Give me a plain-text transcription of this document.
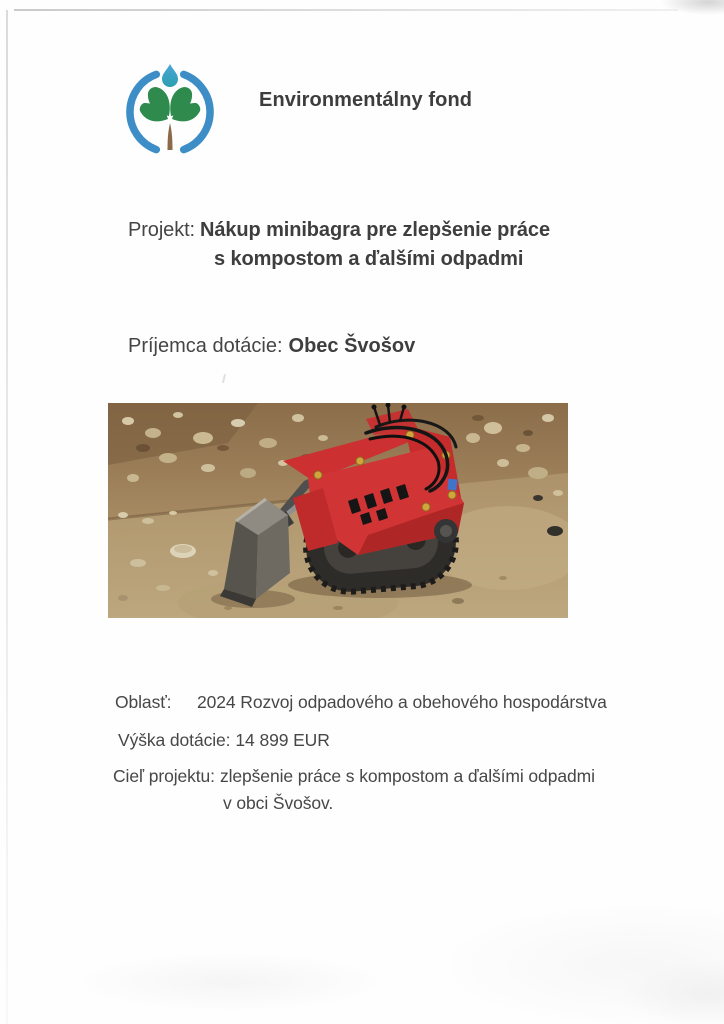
Environmentálny fond
Projekt: Nákup minibagra pre zlepšenie práce
s kompostom a ďalšími odpadmi
Príjemca dotácie: Obec Švošov
Oblasť: 2024 Rozvoj odpadového a obehového hospodárstva
Výška dotácie: 14 899 EUR
Cieľ projektu: zlepšenie práce s kompostom a ďalšími odpadmi
v obci Švošov.
